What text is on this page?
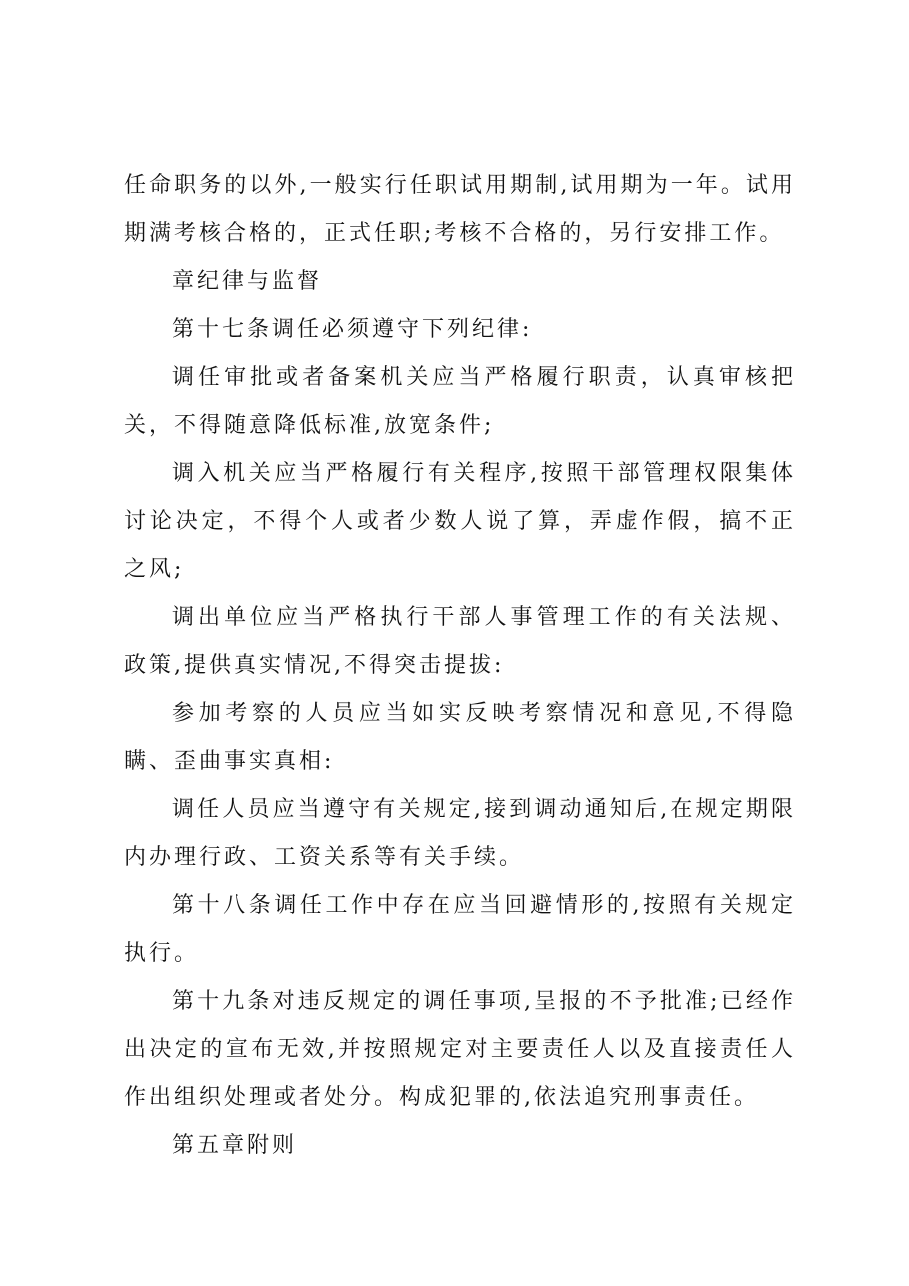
任命职务的以外,一般实行任职试用期制,试用期为一年。试用期满考核合格的，正式任职;考核不合格的，另行安排工作。

章纪律与监督

第十七条调任必须遵守下列纪律:

调任审批或者备案机关应当严格履行职责，认真审核把关，不得随意降低标准,放宽条件;

调入机关应当严格履行有关程序,按照干部管理权限集体讨论决定，不得个人或者少数人说了算，弄虚作假，搞不正之风;

调出单位应当严格执行干部人事管理工作的有关法规、政策,提供真实情况,不得突击提拔:

参加考察的人员应当如实反映考察情况和意见,不得隐瞒、歪曲事实真相:

调任人员应当遵守有关规定,接到调动通知后,在规定期限内办理行政、工资关系等有关手续。

第十八条调任工作中存在应当回避情形的,按照有关规定执行。

第十九条对违反规定的调任事项,呈报的不予批准;已经作出决定的宣布无效,并按照规定对主要责任人以及直接责任人作出组织处理或者处分。构成犯罪的,依法追究刑事责任。

第五章附则
